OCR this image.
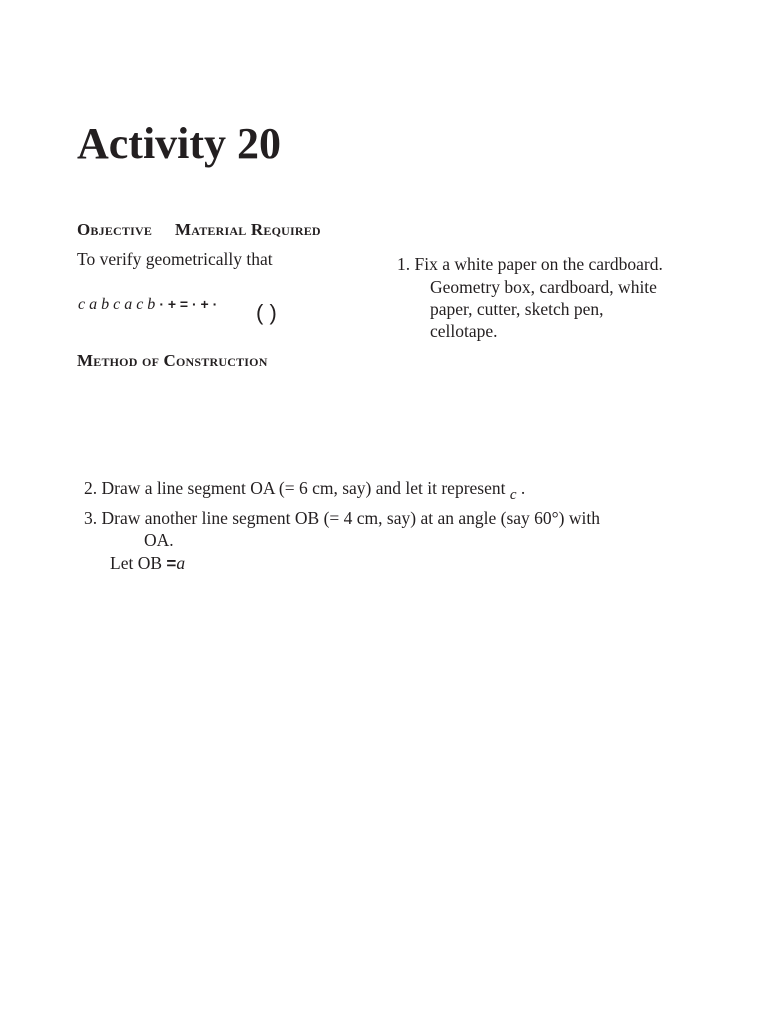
Activity 20
Objective Material Required
To verify geometrically that
c a b c a c b · + = · + · ( )
1. Fix a white paper on the cardboard.
Geometry box, cardboard, white
paper, cutter, sketch pen,
cellotape.
Method of Construction
2. Draw a line segment OA (= 6 cm, say) and let it represent c .
3. Draw another line segment OB (= 4 cm, say) at an angle (say 60°) with
OA.
Let OB =a
